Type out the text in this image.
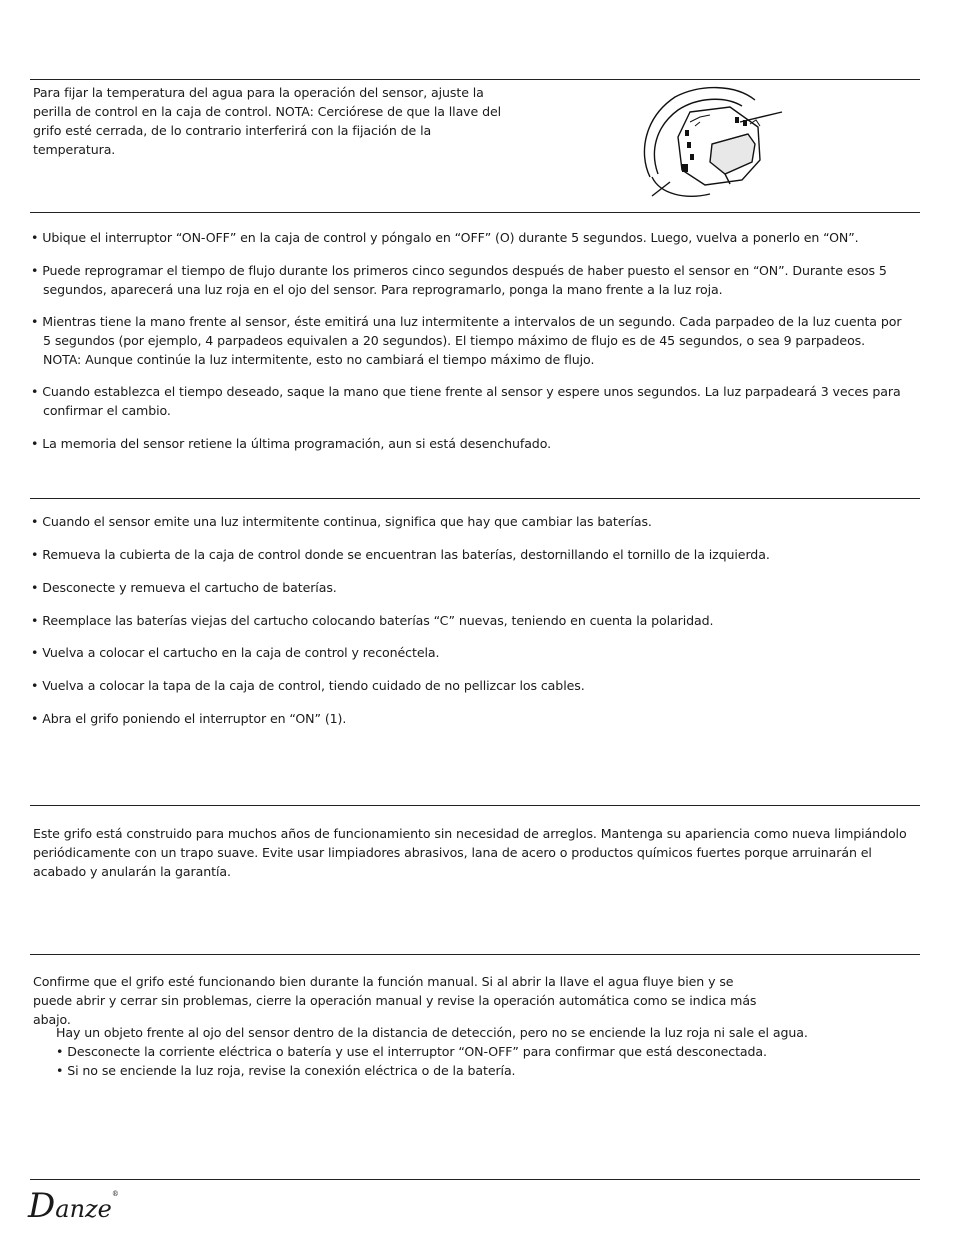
Para fijar la temperatura del agua para la operación del sensor, ajuste la perilla de control en la caja de control. NOTA: Cerciórese de que la llave del grifo esté cerrada, de lo contrario interferirá con la fijación de la temperatura.
• Ubique el interruptor “ON-OFF” en la caja de control y póngalo en “OFF” (O) durante 5 segundos. Luego, vuelva a ponerlo en “ON”.
• Puede reprogramar el tiempo de flujo durante los primeros cinco segundos después de haber puesto el sensor en “ON”. Durante esos 5 segundos, aparecerá una luz roja en el ojo del sensor. Para reprogramarlo, ponga la mano frente a la luz roja.
• Mientras tiene la mano frente al sensor, éste emitirá una luz intermitente a intervalos de un segundo. Cada parpadeo de la luz cuenta por 5 segundos (por ejemplo, 4 parpadeos equivalen a 20 segundos). El tiempo máximo de flujo es de 45 segundos, o sea 9 parpadeos. NOTA: Aunque continúe la luz intermitente, esto no cambiará el tiempo máximo de flujo.
• Cuando establezca el tiempo deseado, saque la mano que tiene frente al sensor y espere unos segundos. La luz parpadeará 3 veces para confirmar el cambio.
• La memoria del sensor retiene la última programación, aun si está desenchufado.
• Cuando el sensor emite una luz intermitente continua, significa que hay que cambiar las baterías.
• Remueva la cubierta de la caja de control donde se encuentran las baterías, destornillando el tornillo de la izquierda.
• Desconecte y remueva el cartucho de baterías.
• Reemplace las baterías viejas del cartucho colocando baterías “C” nuevas, teniendo en cuenta la polaridad.
• Vuelva a colocar el cartucho en la caja de control y reconéctela.
• Vuelva a colocar la tapa de la caja de control, tiendo cuidado de no pellizcar los cables.
• Abra el grifo poniendo el interruptor en “ON” (1).
Este grifo está construido para muchos años de funcionamiento sin necesidad de arreglos. Mantenga su apariencia como nueva limpiándolo periódicamente con un trapo suave. Evite usar limpiadores abrasivos, lana de acero o productos químicos fuertes porque arruinarán el acabado y anularán la garantía.
Confirme que el grifo esté funcionando bien durante la función manual. Si al abrir la llave el agua fluye bien y se puede abrir y cerrar sin problemas, cierre la operación manual y revise la operación automática como se indica más abajo.
Hay un objeto frente al ojo del sensor dentro de la distancia de detección, pero no se enciende la luz roja ni sale el agua.
• Desconecte la corriente eléctrica o batería y use el interruptor “ON-OFF” para confirmar que está desconectada.
• Si no se enciende la luz roja, revise la conexión eléctrica o de la batería.
Danze®
